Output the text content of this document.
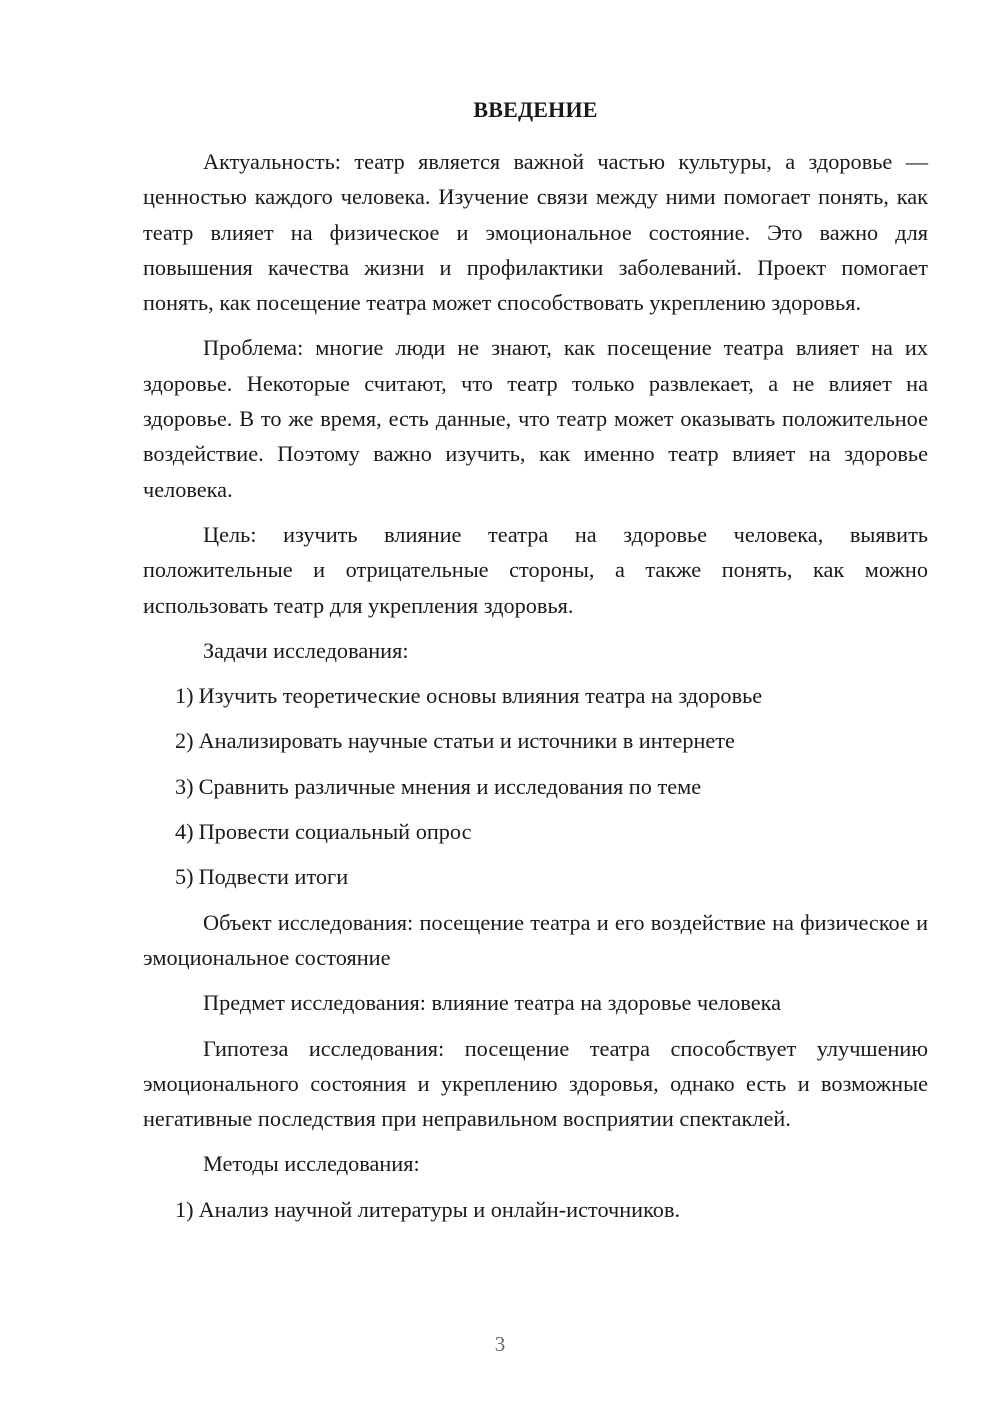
ВВЕДЕНИЕ

Актуальность: театр является важной частью культуры, а здоровье — ценностью каждого человека. Изучение связи между ними помогает понять, как театр влияет на физическое и эмоциональное состояние. Это важно для повышения качества жизни и профилактики заболеваний. Проект помогает понять, как посещение театра может способствовать укреплению здоровья.

Проблема: многие люди не знают, как посещение театра влияет на их здоровье. Некоторые считают, что театр только развлекает, а не влияет на здоровье. В то же время, есть данные, что театр может оказывать положительное воздействие. Поэтому важно изучить, как именно театр влияет на здоровье человека.

Цель: изучить влияние театра на здоровье человека, выявить положительные и отрицательные стороны, а также понять, как можно использовать театр для укрепления здоровья.

Задачи исследования:

1) Изучить теоретические основы влияния театра на здоровье
2) Анализировать научные статьи и источники в интернете
3) Сравнить различные мнения и исследования по теме
4) Провести социальный опрос
5) Подвести итоги

Объект исследования: посещение театра и его воздействие на физическое и эмоциональное состояние

Предмет исследования: влияние театра на здоровье человека

Гипотеза исследования: посещение театра способствует улучшению эмоционального состояния и укреплению здоровья, однако есть и возможные негативные последствия при неправильном восприятии спектаклей.

Методы исследования:

1) Анализ научной литературы и онлайн-источников.
3
